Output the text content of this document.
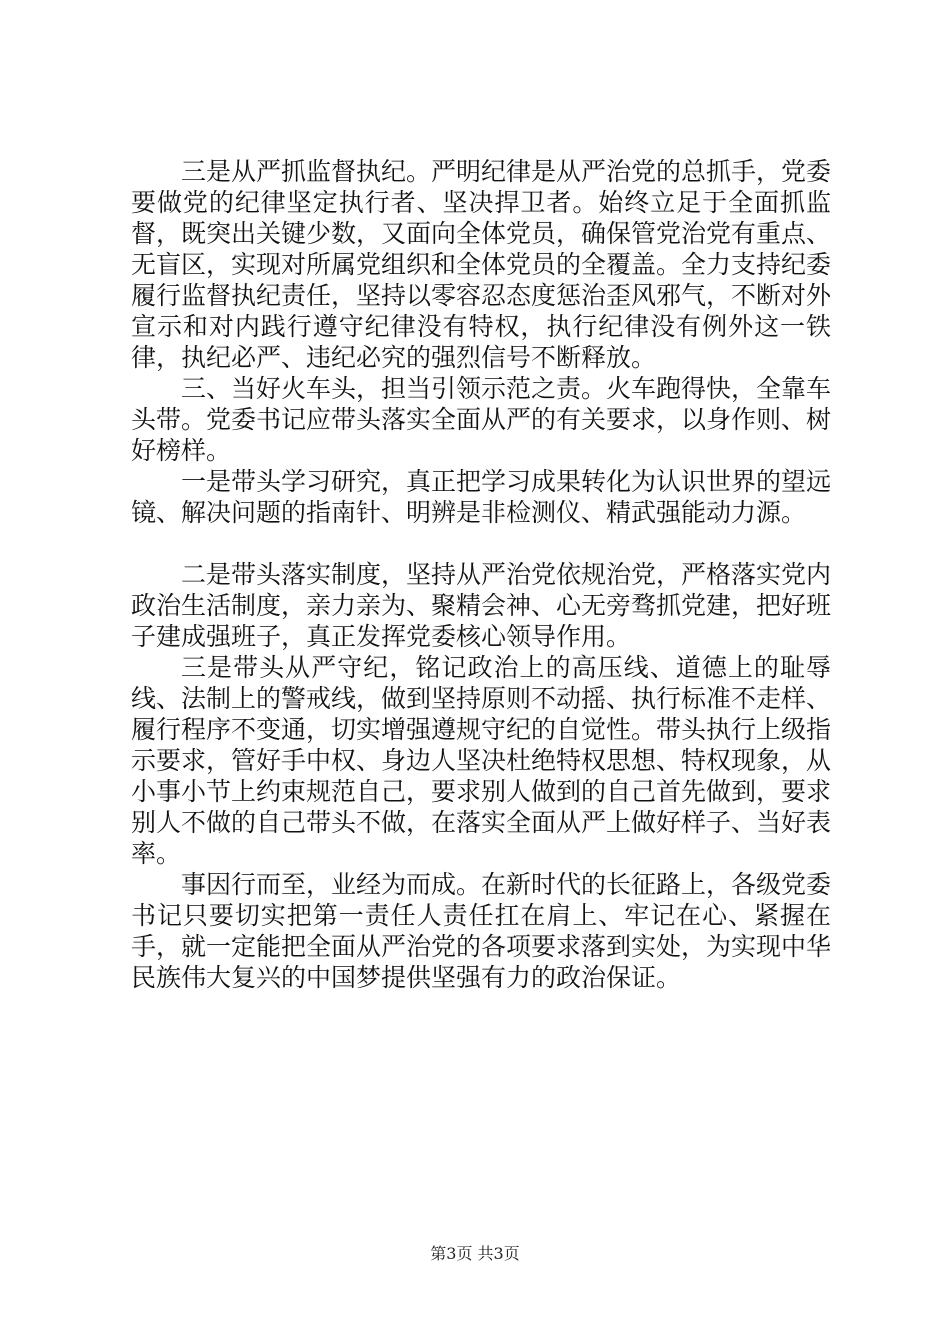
三是从严抓监督执纪。严明纪律是从严治党的总抓手，党委要做党的纪律坚定执行者、坚决捍卫者。始终立足于全面抓监督，既突出关键少数，又面向全体党员，确保管党治党有重点、无盲区，实现对所属党组织和全体党员的全覆盖。全力支持纪委履行监督执纪责任，坚持以零容忍态度惩治歪风邪气，不断对外宣示和对内践行遵守纪律没有特权，执行纪律没有例外这一铁律，执纪必严、违纪必究的强烈信号不断释放。

三、当好火车头，担当引领示范之责。火车跑得快，全靠车头带。党委书记应带头落实全面从严的有关要求，以身作则、树好榜样。

一是带头学习研究，真正把学习成果转化为认识世界的望远镜、解决问题的指南针、明辨是非检测仪、精武强能动力源。

二是带头落实制度，坚持从严治党依规治党，严格落实党内政治生活制度，亲力亲为、聚精会神、心无旁骛抓党建，把好班子建成强班子，真正发挥党委核心领导作用。

三是带头从严守纪，铭记政治上的高压线、道德上的耻辱线、法制上的警戒线，做到坚持原则不动摇、执行标准不走样、履行程序不变通，切实增强遵规守纪的自觉性。带头执行上级指示要求，管好手中权、身边人坚决杜绝特权思想、特权现象，从小事小节上约束规范自己，要求别人做到的自己首先做到，要求别人不做的自己带头不做，在落实全面从严上做好样子、当好表率。

事因行而至，业经为而成。在新时代的长征路上，各级党委书记只要切实把第一责任人责任扛在肩上、牢记在心、紧握在手，就一定能把全面从严治党的各项要求落到实处，为实现中华民族伟大复兴的中国梦提供坚强有力的政治保证。

第3页 共3页
